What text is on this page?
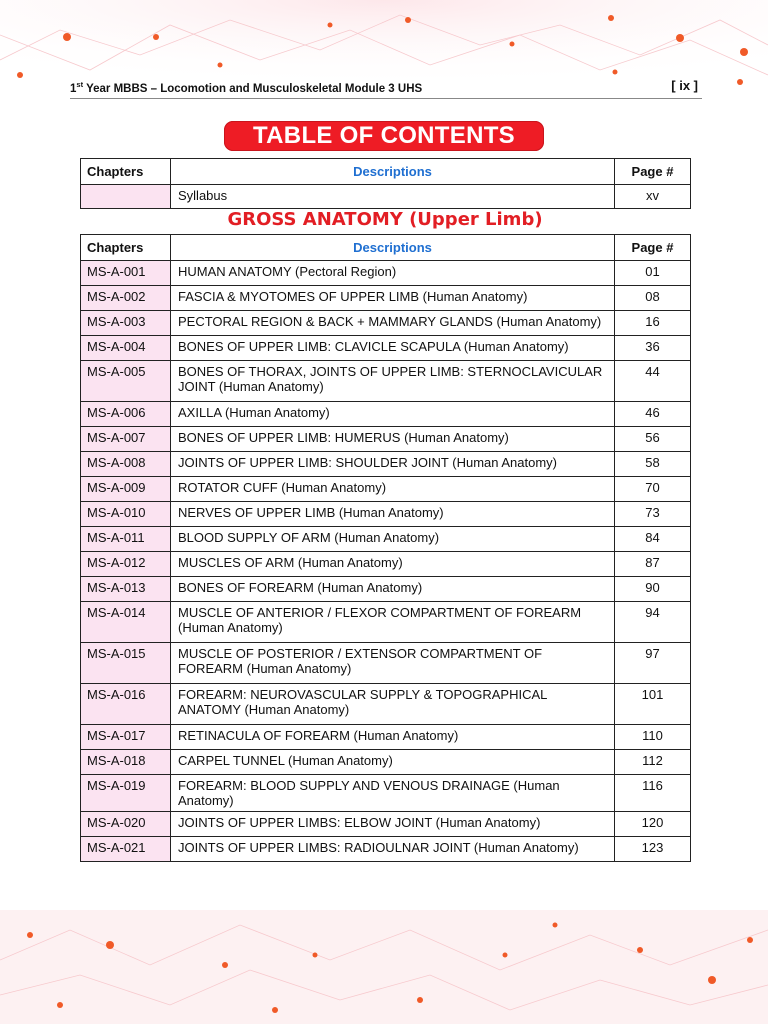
1st Year MBBS – Locomotion and Musculoskeletal Module 3 UHS	[ ix ]
TABLE OF CONTENTS
Chapters	Descriptions	Page #
	Syllabus	xv
GROSS ANATOMY (Upper Limb)
Chapters	Descriptions	Page #
MS-A-001	HUMAN ANATOMY (Pectoral Region)	01
MS-A-002	FASCIA & MYOTOMES OF UPPER LIMB (Human Anatomy)	08
MS-A-003	PECTORAL REGION & BACK + MAMMARY GLANDS (Human Anatomy)	16
MS-A-004	BONES OF UPPER LIMB: CLAVICLE SCAPULA (Human Anatomy)	36
MS-A-005	BONES OF THORAX, JOINTS OF UPPER LIMB: STERNOCLAVICULAR JOINT (Human Anatomy)	44
MS-A-006	AXILLA (Human Anatomy)	46
MS-A-007	BONES OF UPPER LIMB: HUMERUS (Human Anatomy)	56
MS-A-008	JOINTS OF UPPER LIMB: SHOULDER JOINT (Human Anatomy)	58
MS-A-009	ROTATOR CUFF (Human Anatomy)	70
MS-A-010	NERVES OF UPPER LIMB (Human Anatomy)	73
MS-A-011	BLOOD SUPPLY OF ARM (Human Anatomy)	84
MS-A-012	MUSCLES OF ARM (Human Anatomy)	87
MS-A-013	BONES OF FOREARM (Human Anatomy)	90
MS-A-014	MUSCLE OF ANTERIOR / FLEXOR COMPARTMENT OF FOREARM (Human Anatomy)	94
MS-A-015	MUSCLE OF POSTERIOR / EXTENSOR COMPARTMENT OF FOREARM (Human Anatomy)	97
MS-A-016	FOREARM: NEUROVASCULAR SUPPLY & TOPOGRAPHICAL ANATOMY (Human Anatomy)	101
MS-A-017	RETINACULA OF FOREARM (Human Anatomy)	110
MS-A-018	CARPEL TUNNEL (Human Anatomy)	112
MS-A-019	FOREARM: BLOOD SUPPLY AND VENOUS DRAINAGE (Human Anatomy)	116
MS-A-020	JOINTS OF UPPER LIMBS: ELBOW JOINT (Human Anatomy)	120
MS-A-021	JOINTS OF UPPER LIMBS: RADIOULNAR JOINT (Human Anatomy)	123
